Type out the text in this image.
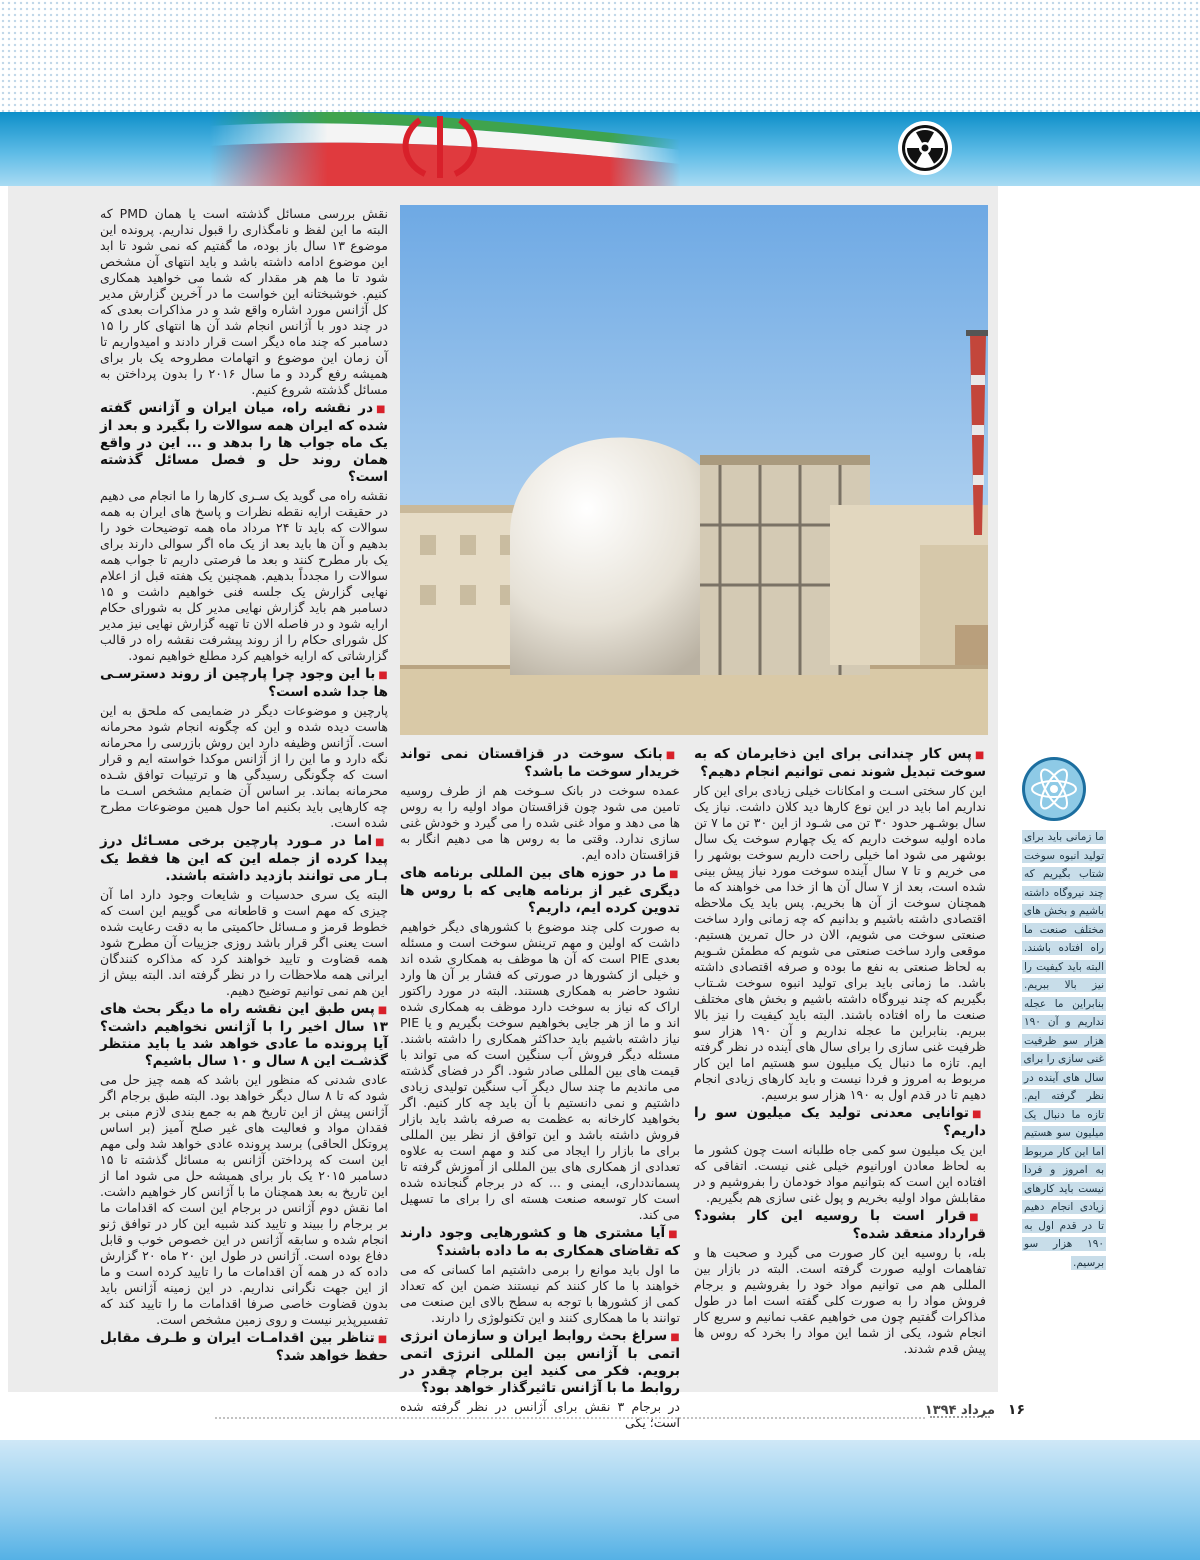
نقش بررسی مسائل گذشته است یا همان PMD که البته ما این لفظ و نامگذاری را قبول نداریم. پرونده این موضوع ۱۳ سال باز بوده، ما گفتیم که نمی شود تا ابد این موضوع ادامه داشته باشد و باید انتهای آن مشخص شود تا ما هم هر مقدار که شما می خواهید همکاری کنیم. خوشبختانه این خواست ما در آخرین گزارش مدیر کل آژانس مورد اشاره واقع شد و در مذاکرات بعدی که در چند دور با آژانس انجام شد آن ها انتهای کار را ۱۵ دسامبر که چند ماه دیگر است قرار دادند و امیدواریم تا آن زمان این موضوع و اتهامات مطروحه یک بار برای همیشه رفع گردد و ما سال ۲۰۱۶ را بدون پرداختن به مسائل گذشته شروع کنیم.

■ در نقشه راه، میان ایران و آژانس گفته شده که ایران همه سوالات را بگیرد و بعد از یک ماه جواب ها را بدهد و ... این در واقع همان روند حل و فصل مسائل گذشته است؟

نقشه راه می گوید یک سـری کارها را ما انجام می دهیم در حقیقت ارایه نقطه نظرات و پاسخ های ایران به همه سوالات که باید تا ۲۴ مرداد ماه همه توضیحات خود را بدهیم و آن ها باید بعد از یک ماه اگر سوالی دارند برای یک بار مطرح کنند و بعد ما فرصتی داریم تا جواب همه سوالات را مجدداً بدهیم. همچنین یک هفته قبل از اعلام نهایی گزارش یک جلسه فنی خواهیم داشت و ۱۵ دسامبر هم باید گزارش نهایی مدیر کل به شورای حکام ارایه شود و در فاصله الان تا تهیه گزارش نهایی نیز مدیر کل شورای حکام را از روند پیشرفت نقشه راه در قالب گزارشاتی که ارایه خواهیم کرد مطلع خواهیم نمود.

■ با این وجود چرا پارچین از روند دسترسـی ها جدا شده است؟

پارچین و موضوعات دیگر در ضمایمی که ملحق به این هاست دیده شده و این که چگونه انجام شود محرمانه است. آژانس وظیفه دارد این روش بازرسی را محرمانه نگه دارد و ما این را از آژانس موکدا خواسته ایم و قرار است که چگونگی رسیدگی ها و ترتیبات توافق شـده محرمانه بماند. بر اساس آن ضمایم مشخص اسـت ما چه کارهایی باید بکنیم اما حول همین موضوعات مطرح شده است.

■ اما در مـورد پارچین برخی مسـائل درز پیدا کرده از جمله این که این ها فقط یک بـار می توانند بازدید داشته باشند.

البته یک سری حدسیات و شایعات وجود دارد اما آن چیزی که مهم است و قاطعانه می گوییم این است که خطوط قرمز و مـسائل حاکمیتی ما به دقت رعایت شده است یعنی اگر قرار باشد روزی جزییات آن مطرح شود همه قضاوت و تایید خواهند کرد که مذاکره کنندگان ایرانی همه ملاحظات را در نظر گرفته اند. البته بیش از این هم نمی توانیم توضیح دهیم.

■ پس طبق این نقشه راه ما دیگر بحث های ۱۳ سال اخیر را با آژانس نخواهیم داشت؟ آیا پرونده ما عادی خواهد شد یا باید منتظر گذشـت این ۸ سال و ۱۰ سال باشیم؟

عادی شدنی که منظور این باشد که همه چیز حل می شود که تا ۸ سال دیگر خواهد بود. البته طبق برجام اگر آژانس پیش از این تاریخ هم به جمع بندی لازم مبنی بر فقدان مواد و فعالیت های غیر صلح آمیز (بر اساس پروتکل الحاقی) برسد پرونده عادی خواهد شد ولی مهم این است که پرداختن آژانس به مسائل گذشته تا ۱۵ دسامبر ۲۰۱۵ یک بار برای همیشه حل می شود اما از این تاریخ به بعد همچنان ما با آژانس کار خواهیم داشت. اما نقش دوم آژانس در برجام این است که اقدامات ما بر برجام را ببیند و تایید کند شبیه این کار در توافق ژنو انجام شده و سابقه آژانس در این خصوص خوب و قابل دفاع بوده است. آژانس در طول این ۲۰ ماه ۲۰ گزارش داده که در همه آن اقدامات ما را تایید کرده است و ما از این جهت نگرانی نداریم. در این زمینه آژانس باید بدون قضاوت خاصی صرفا اقدامات ما را تایید کند که تفسیرپذیر نیست و روی زمین مشخص است.

■ تناظر بین اقدامـات ایران و طـرف مقابل حفظ خواهد شد؟

■ بانک سوخت در قزاقستان نمی تواند خریدار سوخت ما باشد؟

عمده سوخت در بانک سـوخت هم از طرف روسیه تامین می شود چون قزاقستان مواد اولیه را به روس ها می دهد و مواد غنی شده را می گیرد و خودش غنی سازی ندارد. وقتی ما به روس ها می دهیم انگار به قزاقستان داده ایم.

■ ما در حوزه های بین المللی برنامه های دیگری غیر از برنامه هایی که با روس ها تدوین کرده ایم، داریم؟

به صورت کلی چند موضوع با کشورهای دیگر خواهیم داشت که اولین و مهم ترینش سوخت است و مسئله بعدی PIE است که آن ها موظف به همکاری شده اند و خیلی از کشورها در صورتی که فشار بر آن ها وارد نشود حاضر به همکاری هستند. البته در مورد راکتور اراک که نیاز به سوخت دارد موظف به همکاری شده اند و ما از هر جایی بخواهیم سوخت بگیریم و یا PIE نیاز داشته باشیم باید حداکثر همکاری را داشته باشند. مسئله دیگر فروش آب سنگین است که می تواند با قیمت های بین المللی صادر شود. اگر در فضای گذشته می ماندیم ما چند سال دیگر آب سنگین تولیدی زیادی داشتیم و نمی دانستیم با آن باید چه کار کنیم. اگر بخواهید کارخانه به عظمت به صرفه باشد باید بازار فروش داشته باشد و این توافق از نظر بین المللی برای ما بازار را ایجاد می کند و مهم است به علاوه تعدادی از همکاری های بین المللی از آموزش گرفته تا پسماندداری، ایمنی و ... که در برجام گنجانده شده است کار توسعه صنعت هسته ای را برای ما تسهیل می کند.

■ آیا مشتری ها و کشورهایی وجود دارند که تقاضای همکاری به ما داده باشند؟

ما اول باید موانع را برمی داشتیم اما کسانی که می خواهند با ما کار کنند کم نیستند ضمن این که تعداد کمی از کشورها با توجه به سطح بالای این صنعت می توانند با ما همکاری کنند و این تکنولوژی را دارند.

■ سراغ بحث روابط ایران و سازمان انرژی اتمی با آژانس بین المللی انرژی اتمی برویم. فکر می کنید این برجام چقدر در روابط ما با آژانس تاثیرگذار خواهد بود؟

در برجام ۳ نقش برای آژانس در نظر گرفته شده است؛ یکی

■ پس کار چندانی برای این ذخایرمان که به سوخت تبدیل شوند نمی توانیم انجام دهیم؟

این کار سختی اسـت و امکانات خیلی زیادی برای این کار نداریم اما باید در این نوع کارها دید کلان داشت. نیاز یک سال بوشـهر حدود ۳۰ تن می شـود از این ۳۰ تن ما ۷ تن ماده اولیه سوخت داریم که یک چهارم سوخت یک سال بوشهر می شود اما خیلی راحت داریم سوخت بوشهر را می خریم و تا ۷ سال آینده سوخت مورد نیاز پیش بینی شده است، بعد از ۷ سال آن ها از خدا می خواهند که ما همچنان سوخت از آن ها بخریم. پس باید یک ملاحظه اقتصادی داشته باشیم و بدانیم که چه زمانی وارد ساخت صنعتی سوخت می شویم، الان در حال تمرین هستیم. موقعی وارد ساخت صنعتی می شویم که مطمئن شـویم به لحاظ صنعتی به نفع ما بوده و صرفه اقتصادی داشته باشد. ما زمانی باید برای تولید انبوه سوخت شـتاب بگیریم که چند نیروگاه داشته باشیم و بخش های مختلف صنعت ما راه افتاده باشند. البته باید کیفیت را نیز بالا ببریم. بنابراین ما عجله نداریم و آن ۱۹۰ هزار سو ظرفیت غنی سازی را برای سال های آینده در نظر گرفته ایم. تازه ما دنبال یک میلیون سو هستیم اما این کار مربوط به امروز و فردا نیست و باید کارهای زیادی انجام دهیم تا در قدم اول به ۱۹۰ هزار سو برسیم.

■ توانایی معدنی تولید یک میلیون سو را داریم؟

این یک میلیون سو کمی جاه طلبانه است چون کشور ما به لحاظ معادن اورانیوم خیلی غنی نیست. اتفاقی که افتاده این است که بتوانیم مواد خودمان را بفروشیم و در مقابلش مواد اولیه بخریم و پول غنی سازی هم بگیریم.

■ قرار است با روسیه این کار بشود؟ قرارداد منعقد شده؟

بله، با روسیه این کار صورت می گیرد و صحبت ها و تفاهمات اولیه صورت گرفته است. البته در بازار بین المللی هم می توانیم مواد خود را بفروشیم و برجام فروش مواد را به صورت کلی گفته است اما در طول مذاکرات گفتیم چون می خواهیم عقب نمانیم و سریع کار انجام شود، یکی از شما این مواد را بخرد که روس ها پیش قدم شدند.

ما زمانی باید برای تولید انبوه سوخت شتاب بگیریم که چند نیروگاه داشته باشیم و بخش های مختلف صنعت ما راه افتاده باشند. البته باید کیفیت را نیز بالا ببریم. بنابراین ما عجله نداریم و آن ۱۹۰ هزار سو ظرفیت غنی سازی را برای سال های آینده در نظر گرفته ایم. تازه ما دنبال یک میلیون سو هستیم اما این کار مربوط به امروز و فردا نیست باید کارهای زیادی انجام دهیم تا در قدم اول به ۱۹۰ هزار سو برسیم.
مرداد ۱۳۹۴ ۱۶
